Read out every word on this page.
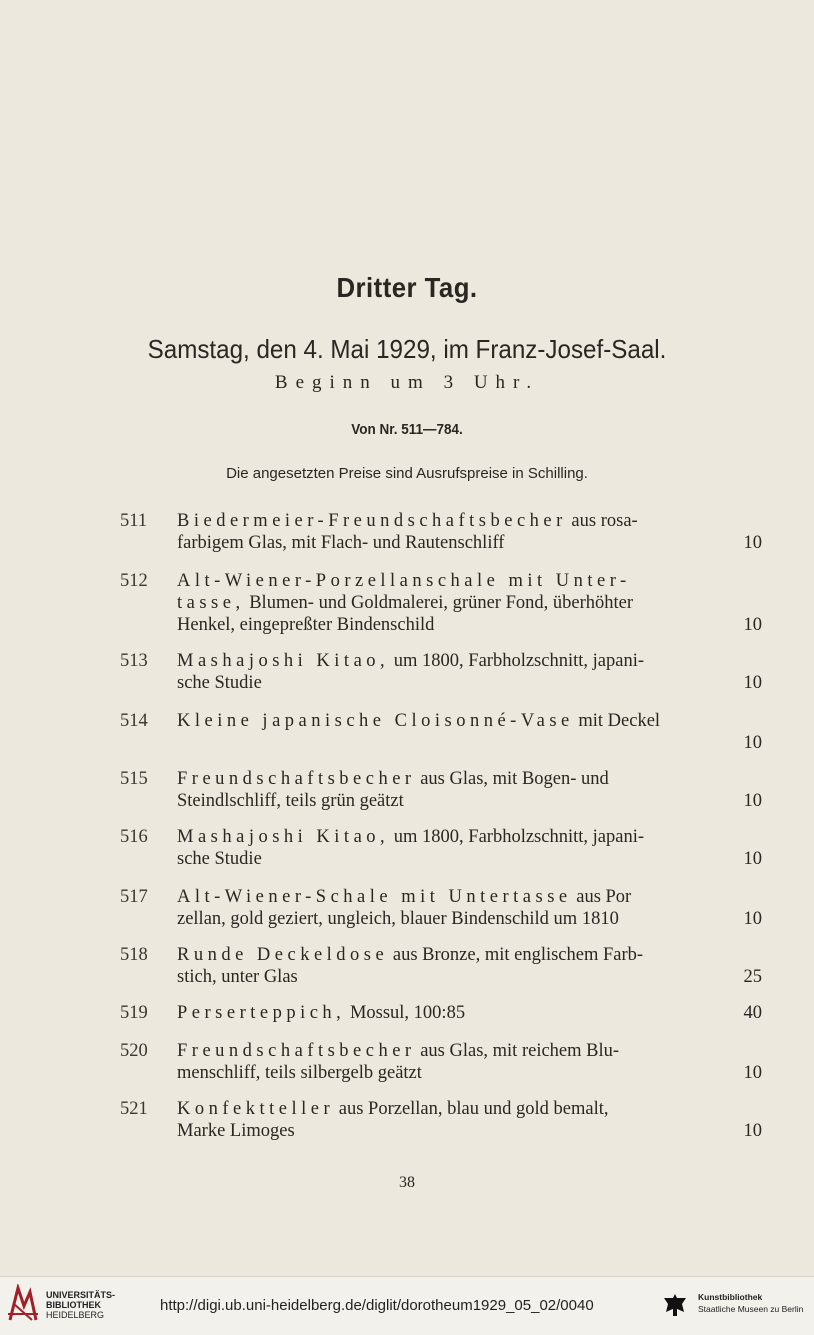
Dritter Tag.
Samstag, den 4. Mai 1929, im Franz-Josef-Saal.
Beginn um 3 Uhr.
Von Nr. 511—784.
Die angesetzten Preise sind Ausrufspreise in Schilling.
511	Biedermeier-Freundschaftsbecher aus rosa-
farbigem Glas, mit Flach- und Rautenschliff	10
512	Alt-Wiener-Porzellanschale mit Unter-
tasse, Blumen- und Goldmalerei, grüner Fond, überhöhter
Henkel, eingepreßter Bindenschild	10
513	Mashajoshi Kitao, um 1800, Farbholzschnitt, japani-
sche Studie	10
514	Kleine japanische Cloisonné-Vase mit Deckel
10
515	Freundschaftsbecher aus Glas, mit Bogen- und
Steindlschliff, teils grün geätzt	10
516	Mashajoshi Kitao, um 1800, Farbholzschnitt, japani-
sche Studie	10
517	Alt-Wiener-Schale mit Untertasse aus Por
zellan, gold geziert, ungleich, blauer Bindenschild um 1810	10
518	Runde Deckeldose aus Bronze, mit englischem Farb-
stich, unter Glas	25
519	Perserteppich, Mossul, 100:85	40
520	Freundschaftsbecher aus Glas, mit reichem Blu-
menschliff, teils silbergelb geätzt	10
521	Konfektteller aus Porzellan, blau und gold bemalt,
Marke Limoges	10
38
UNIVERSITÄTS-
BIBLIOTHEK
HEIDELBERG
http://digi.ub.uni-heidelberg.de/diglit/dorotheum1929_05_02/0040	Kunstbibliothek
Staatliche Museen zu Berlin
